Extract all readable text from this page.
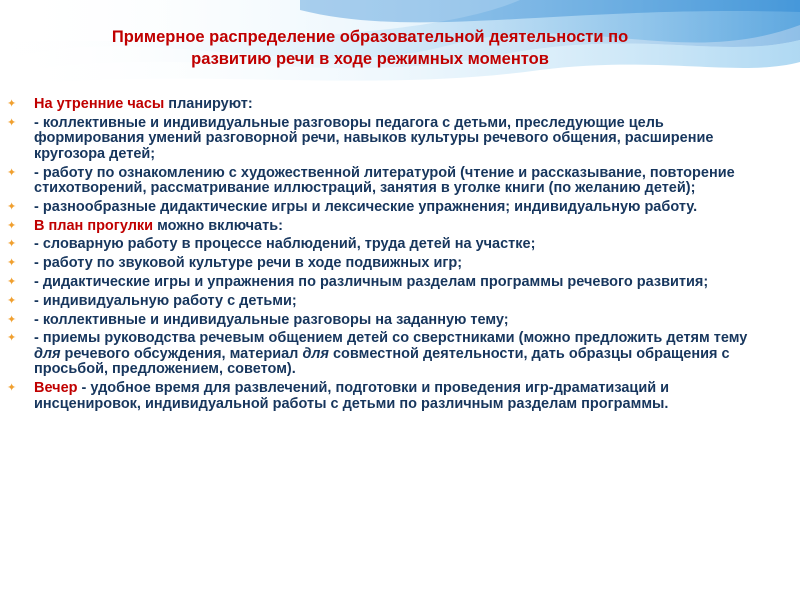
Примерное распределение образовательной деятельности по
развитию речи в ходе режимных моментов
✦ На утренние часы планируют:
✦ - коллективные и индивидуальные разговоры педагога с детьми, преследующие цель формирования умений разговорной речи, навыков культуры речевого общения, расширение кругозора детей;
✦ - работу по ознакомлению с художественной литературой (чтение и рассказывание, повторение стихотворений, рассматривание иллюстраций, занятия в уголке книги (по желанию детей);
✦ - разнообразные дидактические игры и лексические упражнения; индивидуальную работу.
✦ В план прогулки можно включать:
✦ - словарную работу в процессе наблюдений, труда детей на участке;
✦ - работу по звуковой культуре речи в ходе подвижных игр;
✦ - дидактические игры и упражнения по различным разделам программы речевого развития;
✦ - индивидуальную работу с детьми;
✦ - коллективные и индивидуальные разговоры на заданную тему;
✦ - приемы руководства речевым общением детей со сверстниками (можно предложить детям тему для речевого обсуждения, материал для совместной деятельности, дать образцы обращения с просьбой, предложением, советом).
✦ Вечер - удобное время для развлечений, подготовки и проведения игр-драматизаций и инсценировок, индивидуальной работы с детьми по различным разделам программы.
